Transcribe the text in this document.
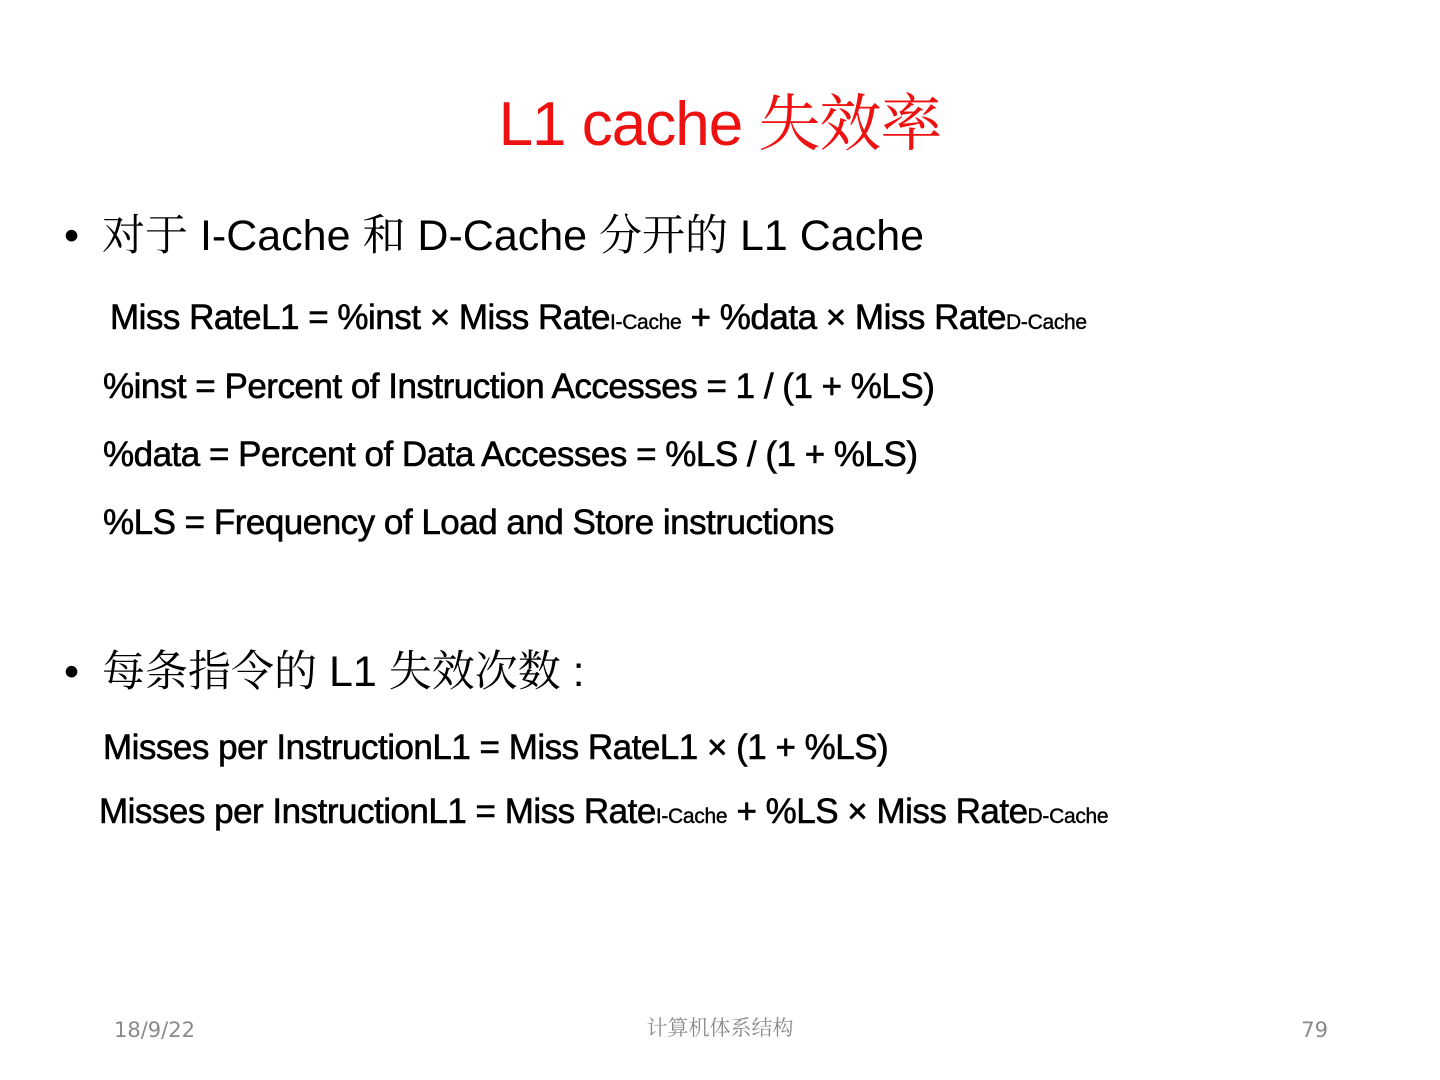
L1 cache 失效率
• 对于 I-Cache 和 D-Cache 分开的 L1 Cache
Miss RateL1 = %inst × Miss RateI-Cache + %data × Miss RateD-Cache
%inst = Percent of Instruction Accesses = 1 / (1 + %LS)
%data = Percent of Data Accesses = %LS / (1 + %LS)
%LS = Frequency of Load and Store instructions
• 每条指令的 L1 失效次数 :
Misses per InstructionL1 = Miss RateL1 × (1 + %LS)
Misses per InstructionL1 = Miss RateI-Cache + %LS × Miss RateD-Cache
18/9/22	计算机体系结构	79
